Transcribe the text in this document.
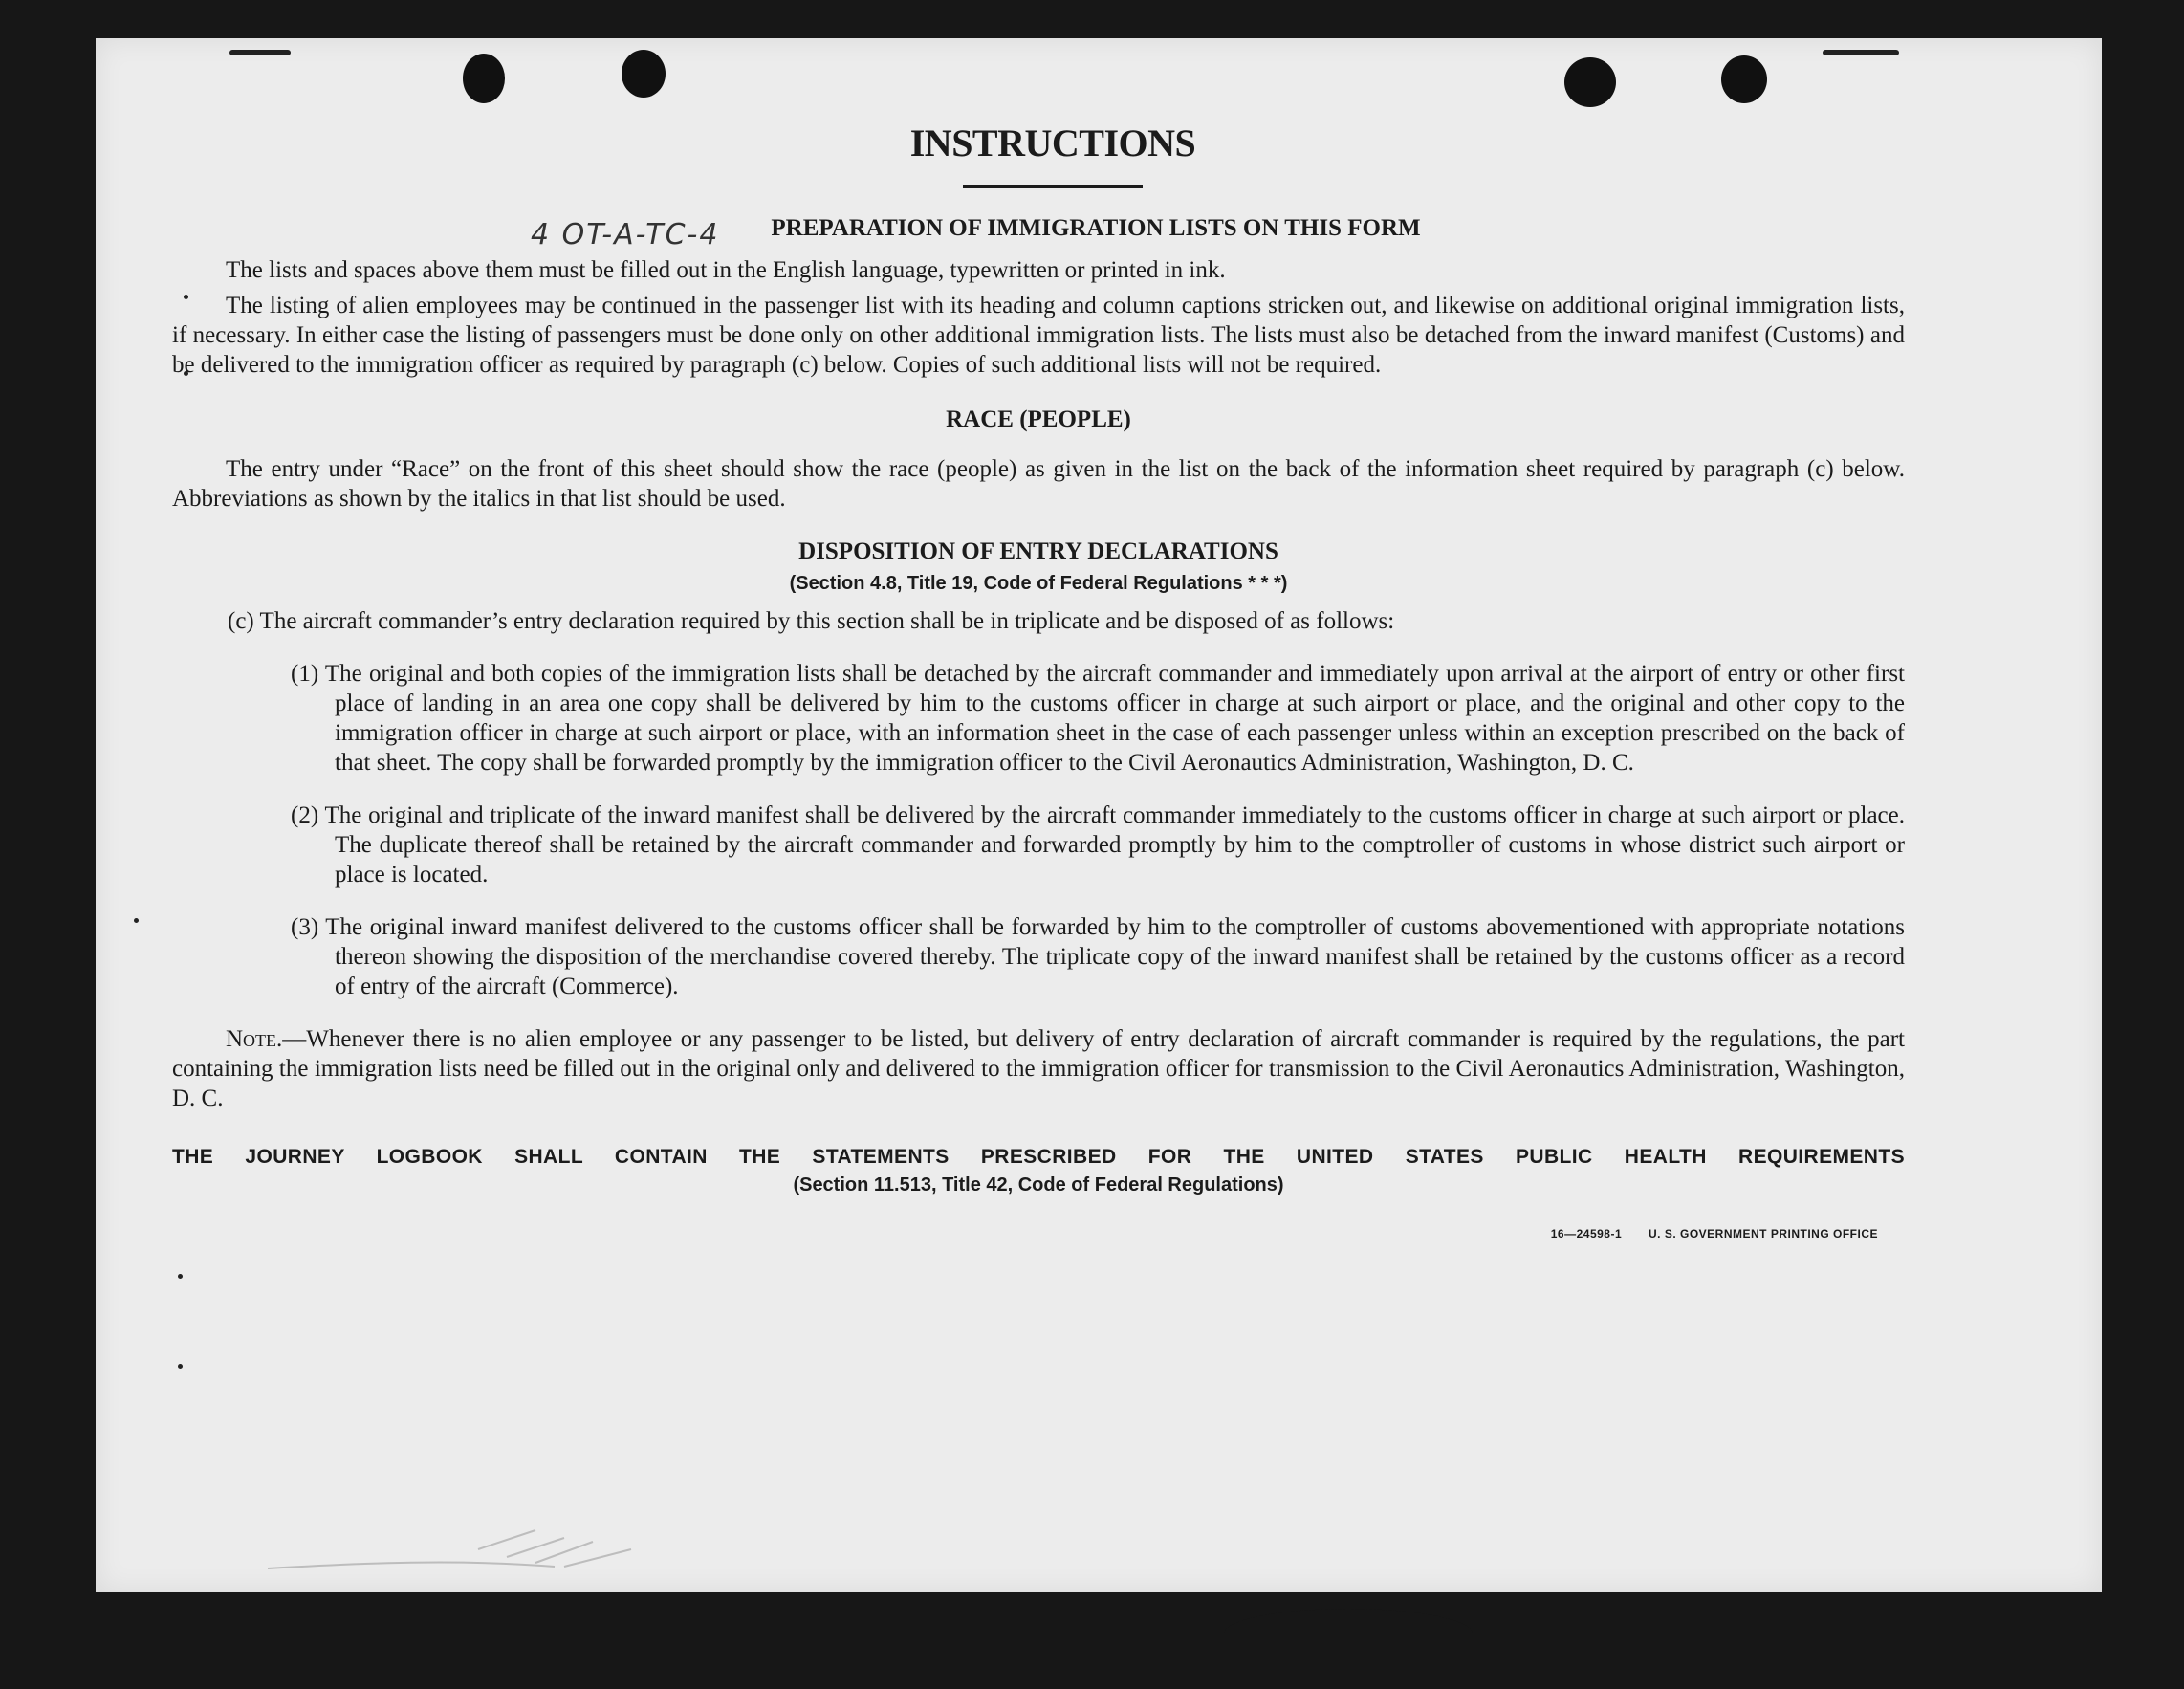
4 OT-A-TC-4
INSTRUCTIONS
PREPARATION OF IMMIGRATION LISTS ON THIS FORM

The lists and spaces above them must be filled out in the English language, typewritten or printed in ink.

The listing of alien employees may be continued in the passenger list with its heading and column captions stricken out, and likewise on additional original immigration lists, if necessary. In either case the listing of passengers must be done only on other additional immigration lists. The lists must also be detached from the inward manifest (Customs) and be delivered to the immigration officer as required by paragraph (c) below. Copies of such additional lists will not be required.

RACE (PEOPLE)

The entry under “Race” on the front of this sheet should show the race (people) as given in the list on the back of the information sheet required by paragraph (c) below. Abbreviations as shown by the italics in that list should be used.

DISPOSITION OF ENTRY DECLARATIONS
(Section 4.8, Title 19, Code of Federal Regulations * * *)

(c) The aircraft commander’s entry declaration required by this section shall be in triplicate and be disposed of as follows:

(1) The original and both copies of the immigration lists shall be detached by the aircraft commander and immediately upon arrival at the airport of entry or other first place of landing in an area one copy shall be delivered by him to the customs officer in charge at such airport or place, and the original and other copy to the immigration officer in charge at such airport or place, with an information sheet in the case of each passenger unless within an exception prescribed on the back of that sheet. The copy shall be forwarded promptly by the immigration officer to the Civil Aeronautics Administration, Washington, D. C.

(2) The original and triplicate of the inward manifest shall be delivered by the aircraft commander immediately to the customs officer in charge at such airport or place. The duplicate thereof shall be retained by the aircraft commander and forwarded promptly by him to the comptroller of customs in whose district such airport or place is located.

(3) The original inward manifest delivered to the customs officer shall be forwarded by him to the comptroller of customs abovementioned with appropriate notations thereon showing the disposition of the merchandise covered thereby. The triplicate copy of the inward manifest shall be retained by the customs officer as a record of entry of the aircraft (Commerce).

Note.—Whenever there is no alien employee or any passenger to be listed, but delivery of entry declaration of aircraft commander is required by the regulations, the part containing the immigration lists need be filled out in the original only and delivered to the immigration officer for transmission to the Civil Aeronautics Administration, Washington, D. C.

THE JOURNEY LOGBOOK SHALL CONTAIN THE STATEMENTS PRESCRIBED FOR THE UNITED STATES PUBLIC HEALTH REQUIREMENTS
(Section 11.513, Title 42, Code of Federal Regulations)
16—24598-1 U. S. GOVERNMENT PRINTING OFFICE
